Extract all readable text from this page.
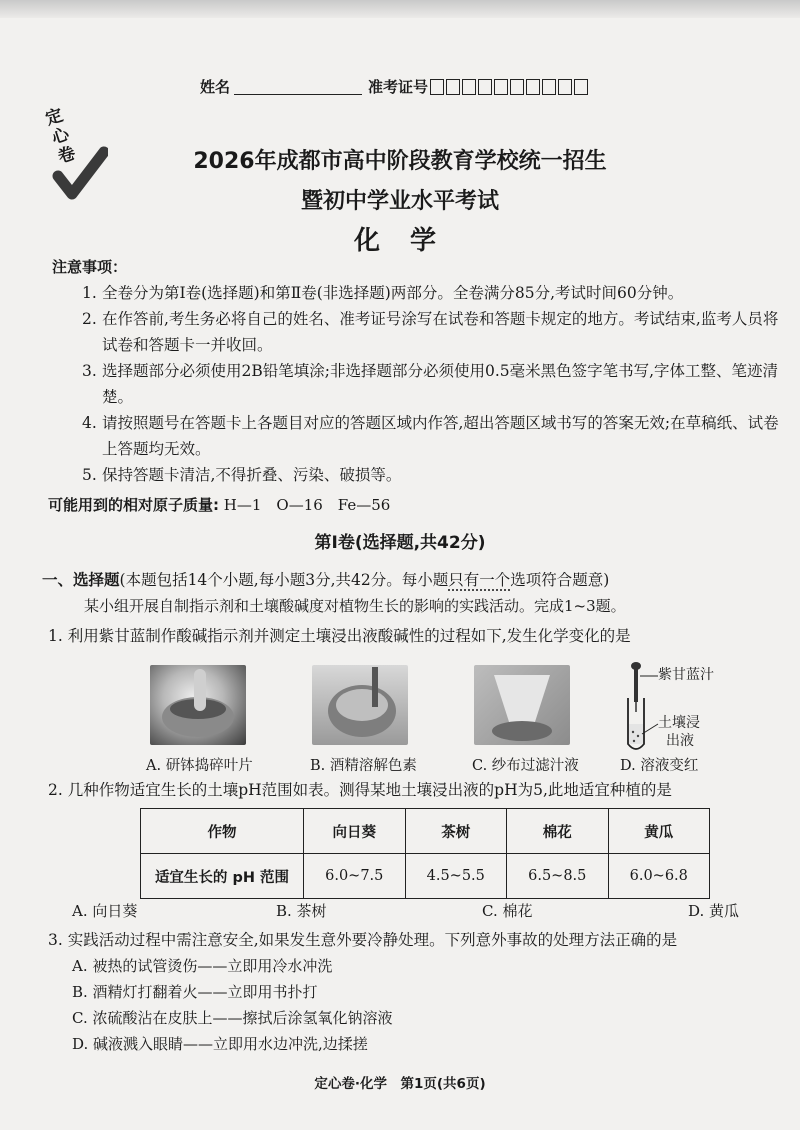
姓名	准考证号
定心卷	2026年成都市高中阶段教育学校统一招生
暨初中学业水平考试
化学
注意事项：
1. 全卷分为第Ⅰ卷(选择题)和第Ⅱ卷(非选择题)两部分。全卷满分85分,考试时间60分钟。
2. 在作答前,考生务必将自己的姓名、准考证号涂写在试卷和答题卡规定的地方。考试结束,监考人员将试卷和答题卡一并收回。
3. 选择题部分必须使用2B铅笔填涂;非选择题部分必须使用0.5毫米黑色签字笔书写,字体工整、笔迹清楚。
4. 请按照题号在答题卡上各题目对应的答题区域内作答,超出答题区域书写的答案无效;在草稿纸、试卷上答题均无效。
5. 保持答题卡清洁,不得折叠、污染、破损等。
可能用到的相对原子质量: H—1　O—16　Fe—56
第Ⅰ卷(选择题,共42分)
一、选择题(本题包括14个小题,每小题3分,共42分。每小题只有一个选项符合题意)
某小组开展自制指示剂和土壤酸碱度对植物生长的影响的实践活动。完成1~3题。
1. 利用紫甘蓝制作酸碱指示剂并测定土壤浸出液酸碱性的过程如下,发生化学变化的是
紫甘蓝汁
土壤浸
出液
A. 研钵捣碎叶片	B. 酒精溶解色素	C. 纱布过滤汁液	D. 溶液变红
2. 几种作物适宜生长的土壤pH范围如表。测得某地土壤浸出液的pH为5,此地适宜种植的是
作物	向日葵	茶树	棉花	黄瓜
适宜生长的 pH 范围	6.0~7.5	4.5~5.5	6.5~8.5	6.0~6.8
A. 向日葵	B. 茶树	C. 棉花	D. 黄瓜
3. 实践活动过程中需注意安全,如果发生意外要冷静处理。下列意外事故的处理方法正确的是
A. 被热的试管烫伤——立即用冷水冲洗
B. 酒精灯打翻着火——立即用书扑打
C. 浓硫酸沾在皮肤上——擦拭后涂氢氧化钠溶液
D. 碱液溅入眼睛——立即用水边冲洗,边揉搓
定心卷·化学　第1页(共6页)
